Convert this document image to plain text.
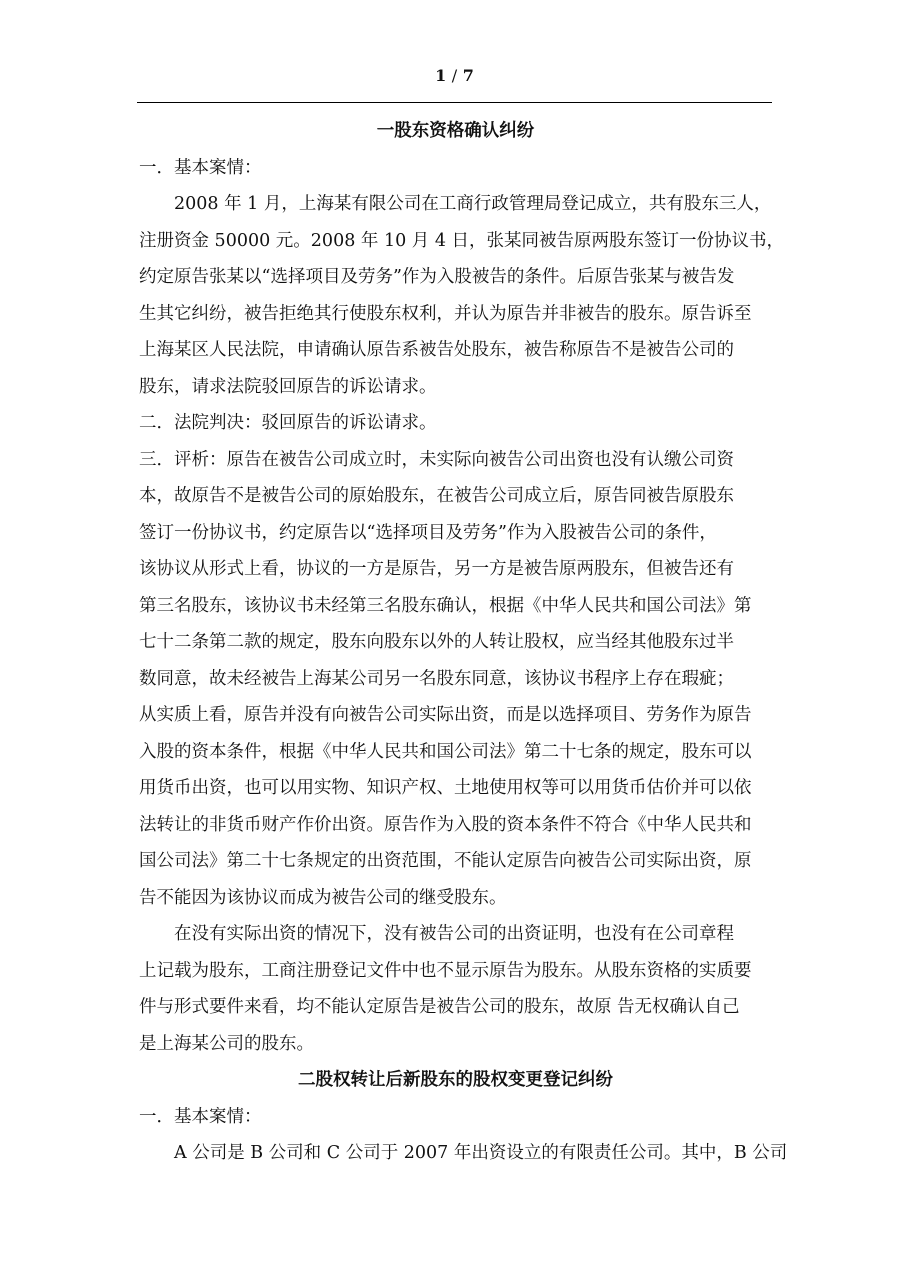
1 / 7

一股东资格确认纠纷

一．基本案情：

2008 年 1 月，上海某有限公司在工商行政管理局登记成立，共有股东三人，

注册资金 50000 元。2008 年 10 月 4 日，张某同被告原两股东签订一份协议书，

约定原告张某以“选择项目及劳务”作为入股被告的条件。后原告张某与被告发

生其它纠纷，被告拒绝其行使股东权利，并认为原告并非被告的股东。原告诉至

上海某区人民法院，申请确认原告系被告处股东，被告称原告不是被告公司的

股东，请求法院驳回原告的诉讼请求。

二．法院判决：驳回原告的诉讼请求。

三．评析：原告在被告公司成立时，未实际向被告公司出资也没有认缴公司资

本，故原告不是被告公司的原始股东，在被告公司成立后，原告同被告原股东

签订一份协议书，约定原告以“选择项目及劳务”作为入股被告公司的条件，

该协议从形式上看，协议的一方是原告，另一方是被告原两股东，但被告还有

第三名股东，该协议书未经第三名股东确认，根据《中华人民共和国公司法》第

七十二条第二款的规定，股东向股东以外的人转让股权，应当经其他股东过半

数同意，故未经被告上海某公司另一名股东同意，该协议书程序上存在瑕疵；

从实质上看，原告并没有向被告公司实际出资，而是以选择项目、劳务作为原告

入股的资本条件，根据《中华人民共和国公司法》第二十七条的规定，股东可以

用货币出资，也可以用实物、知识产权、土地使用权等可以用货币估价并可以依

法转让的非货币财产作价出资。原告作为入股的资本条件不符合《中华人民共和

国公司法》第二十七条规定的出资范围，不能认定原告向被告公司实际出资，原

告不能因为该协议而成为被告公司的继受股东。

在没有实际出资的情况下，没有被告公司的出资证明，也没有在公司章程

上记载为股东，工商注册登记文件中也不显示原告为股东。从股东资格的实质要

件与形式要件来看，均不能认定原告是被告公司的股东，故原 告无权确认自己

是上海某公司的股东。

二股权转让后新股东的股权变更登记纠纷

一．基本案情：

A 公司是 B 公司和 C 公司于 2007 年出资设立的有限责任公司。其中，B 公司
